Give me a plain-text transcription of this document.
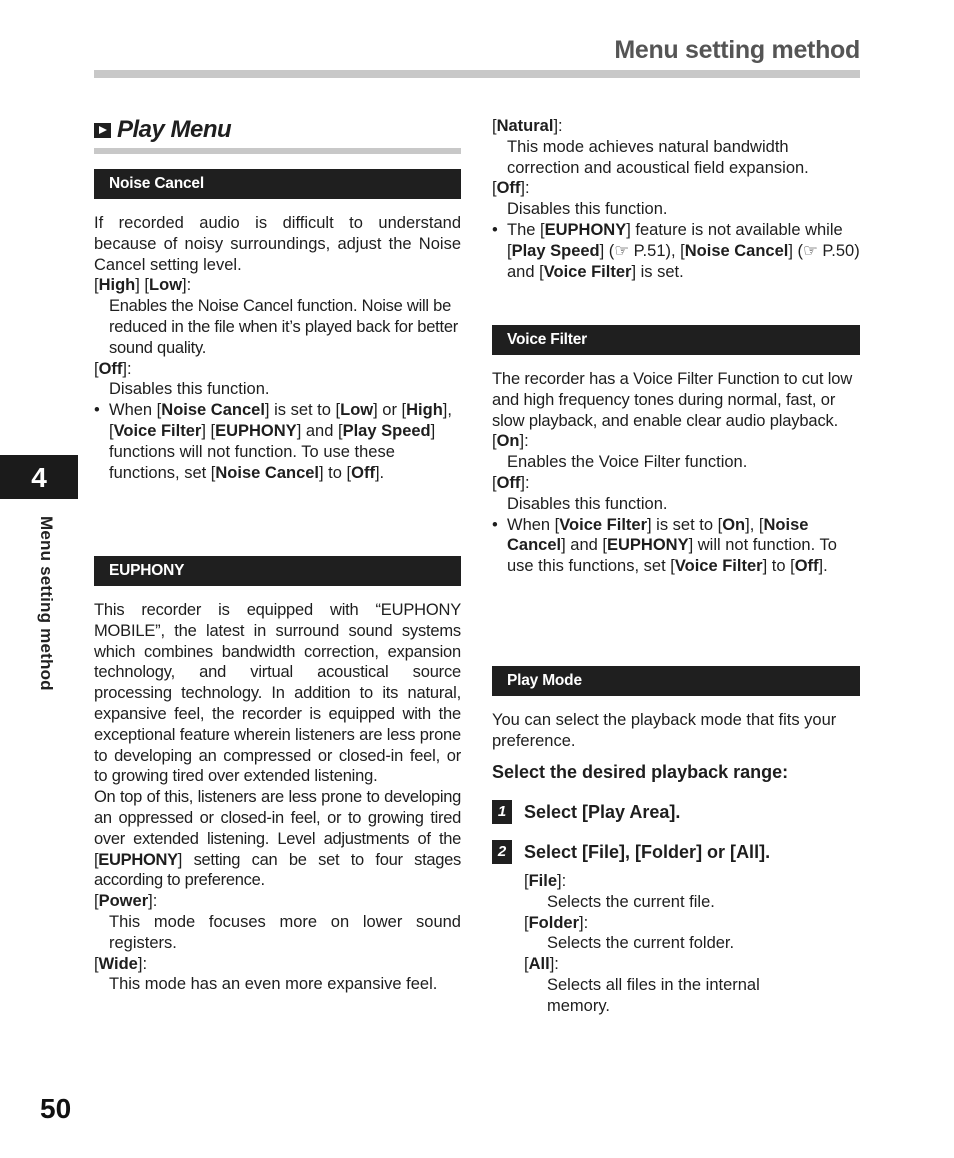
Menu setting method
4
Menu setting method
50
Play Menu
Noise Cancel

If recorded audio is difficult to understand because of noisy surroundings, adjust the Noise Cancel setting level.

[High] [Low]:

Enables the Noise Cancel function. Noise will be reduced in the file when it’s played back for better sound quality.

[Off]:

Disables this function.

• When [Noise Cancel] is set to [Low] or [High], [Voice Filter] [EUPHONY] and [Play Speed] functions will not function. To use these functions, set [Noise Cancel] to [Off].

EUPHONY

This recorder is equipped with “EUPHONY MOBILE”, the latest in surround sound systems which combines bandwidth correction, expansion technology, and virtual acoustical source processing technology. In addition to its natural, expansive feel, the recorder is equipped with the exceptional feature wherein listeners are less prone to developing an compressed or closed-in feel, or to growing tired over extended listening.

On top of this, listeners are less prone to developing an oppressed or closed-in feel, or to growing tired over extended listening. Level adjustments of the [EUPHONY] setting can be set to four stages according to preference.

[Power]:

This mode focuses more on lower sound registers.

[Wide]:

This mode has an even more expansive feel.

[Natural]:

This mode achieves natural bandwidth correction and acoustical field expansion.

[Off]:

Disables this function.

• The [EUPHONY] feature is not available while [Play Speed] (☞ P.51), [Noise Cancel] (☞ P.50) and [Voice Filter] is set.

Voice Filter

The recorder has a Voice Filter Function to cut low and high frequency tones during normal, fast, or slow playback, and enable clear audio playback.

[On]:

Enables the Voice Filter function.

[Off]:

Disables this function.

• When [Voice Filter] is set to [On], [Noise Cancel] and [EUPHONY] will not function. To use this functions, set [Voice Filter] to [Off].

Play Mode

You can select the playback mode that fits your preference.

Select the desired playback range:
1 Select [Play Area].
2 Select [File], [Folder] or [All].

[File]:

Selects the current file.

[Folder]:

Selects the current folder.

[All]:

Selects all files in the internal memory.
